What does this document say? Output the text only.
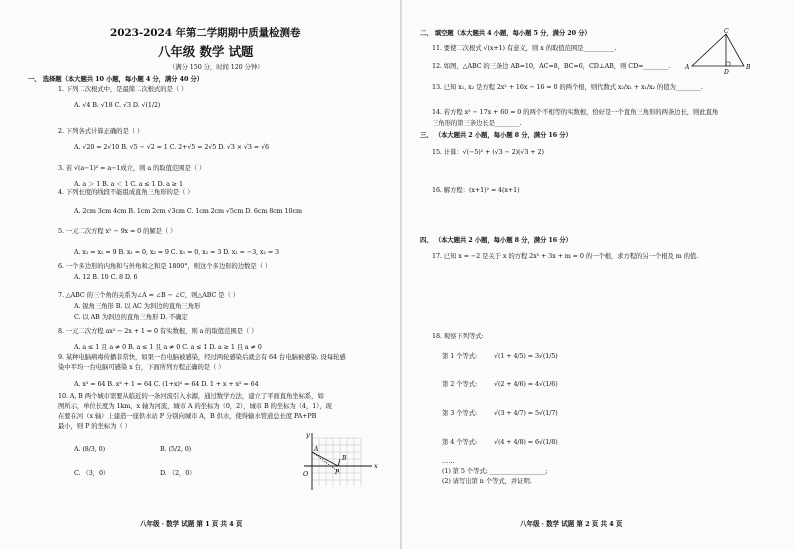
2023-2024 年第二学期期中质量检测卷
八年级 数学 试题
（满分 150 分，时间 120 分钟）
一、 选择题（本大题共 10 小题，每小题 4 分，满分 40 分）
1. 下列二次根式中，是最简二次根式的是（ ）
A. √4 B. √18 C. √3 D. √(1/2)
2. 下列各式计算正确的是（ ）
A. √20 = 2√10 B. √5 − √2 = 1 C. 2+√5 = 2√5 D. √3 × √3 = √6
3. 若 √(a−1)² = a−1成立，则 a 的取值范围是（ ）
A. a ＞ 1 B. a ＜ 1 C. a ≤ 1 D. a ≥ 1
4. 下列长度的线段不能组成直角三角形的是（ ）
A. 2cm 3cm 4cm B. 1cm 2cm √3cm C. 1cm 2cm √5cm D. 6cm 8cm 10cm
5. 一元二次方程 x² − 9x = 0 的解是（ ）
A. x₁ = x₂ = 9 B. x₁ = 0, x₂ = 9 C. x₁ = 0, x₂ = 3 D. x₁ = −3, x₂ = 3
6. 一个多边形的内角和与外角和之和是 1800°，则这个多边形的边数是（ ）
A. 12 B. 10 C. 8 D. 6
7. △ABC 的三个角的关系为∠A = ∠B − ∠C，则△ABC 是（ ）
A. 锐角三角形 B. 以 AC 为斜边的直角三角形
C. 以 AB 为斜边的直角三角形 D. 不确定
8. 一元二次方程 ax² − 2x + 1 = 0 有实数根，则 a 的取值范围是（ ）
A. a ≤ 1 且 a ≠ 0 B. a ≤ 1 且 a ≠ 0 C. a ≤ 1 D. a ≥ 1 且 a ≠ 0
9. 某种电脑病毒传播非常快，如果一台电脑被感染，经过两轮感染后就会有 64 台电脑被感染. 设每轮感
染中平均一台电脑可感染 x 台，下面所列方程正确的是（ ）
A. x² = 64 B. x² + 1 = 64 C. (1+x)² = 64 D. 1 + x + x² = 64
10. A, B 两个城市需要从临近的一条河流引入水源，通过数学方法，建立了平面直角坐标系，如
图所示，单位长度为 1km，x 轴为河流，城市 A 的坐标为（0，2），城市 B 的坐标为（4，1），现
在要在河（x 轴）上建造一座供水站 P 分别向城市 A，B 供水，使得输水管道总长度 PA+PB
最小，则 P 的坐标为（ ）
A. (8/3, 0)	B. (5/2, 0)
C. （3，0）	D. （2，0）
y
x
O
A
B
P
八年级 · 数学 试题 第 1 页 共 4 页
二、 填空题（本大题共 4 小题，每小题 5 分，满分 20 分）
11. 要使二次根式 √(x+1) 有意义，则 x 的取值范围是__________.
12. 如图，△ABC 的三条边 AB=10，AC=8，BC=6，CD⊥AB，则 CD=________.
C
A
D
B
13. 已知 x₁, x₂ 是方程 2x² + 16x − 16 = 0 的两个根，则代数式 x₂/x₁ + x₁/x₂ 的值为________.
14. 若方程 x² − 17x + 60 = 0 的两个不相等的实数根，恰好是一个直角三角形的两条边长，则此直角
三角形的第三条边长是________.
三、 （本大题共 2 小题，每小题 8 分，满分 16 分）
15. 计算：√(−5)² + (√3 − 2)(√3 + 2)
16. 解方程：(x+1)² = 4(x+1)
四、 （本大题共 2 小题，每小题 8 分，满分 16 分）
17. 已知 x = −2 是关于 x 的方程 2x² + 3x + m = 0 的一个根，求方程的另一个根及 m 的值.
18. 观察下列等式:
第 1 个等式:	√(1 + 4/5) = 3√(1/5)
第 2 个等式:	√(2 + 4/6) = 4√(1/6)
第 3 个等式:	√(3 + 4/7) = 5√(1/7)
第 4 个等式:	√(4 + 4/8) = 6√(1/8)
……
(1) 第 5 个等式: __________________;
(2) 请写出第 n 个等式，并证明.
八年级 · 数学 试题 第 2 页 共 4 页
